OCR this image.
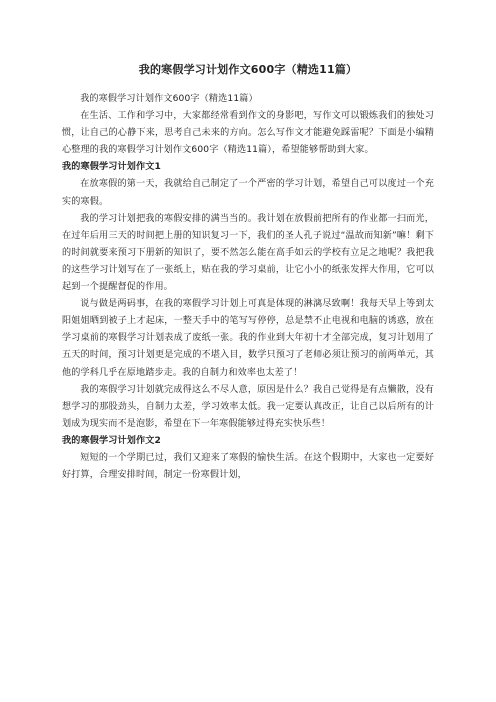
我的寒假学习计划作文600字（精选11篇）

我的寒假学习计划作文600字（精选11篇）

在生活、工作和学习中，大家都经常看到作文的身影吧，写作文可以锻炼我们的独处习惯，让自己的心静下来，思考自己未来的方向。怎么写作文才能避免踩雷呢？下面是小编精心整理的我的寒假学习计划作文600字（精选11篇），希望能够帮助到大家。

我的寒假学习计划作文1

在放寒假的第一天，我就给自己制定了一个严密的学习计划，希望自己可以度过一个充实的寒假。

我的学习计划把我的寒假安排的满当当的。我计划在放假前把所有的作业都一扫而光，在过年后用三天的时间把上册的知识复习一下，我们的圣人孔子说过“温故而知新”嘛！剩下的时间就要来预习下册新的知识了，要不然怎么能在高手如云的学校有立足之地呢？我把我的这些学习计划写在了一张纸上，贴在我的学习桌前，让它小小的纸张发挥大作用，它可以起到一个提醒督促的作用。

说与做是两码事，在我的寒假学习计划上可真是体现的淋漓尽致啊！我每天早上等到太阳姐姐晒到被子上才起床，一整天手中的笔写写停停，总是禁不止电视和电脑的诱惑，放在学习桌前的寒假学习计划表成了废纸一张。我的作业到大年初十才全部完成，复习计划用了五天的时间，预习计划更是完成的不堪入目，数学只预习了老师必须让预习的前两单元，其他的学科几乎在原地踏步走。我的自制力和效率也太差了！

我的寒假学习计划就完成得这么不尽人意，原因是什么？我自己觉得是有点懒散，没有想学习的那股劲头，自制力太差，学习效率太低。我一定要认真改正，让自己以后所有的计划成为现实而不是泡影，希望在下一年寒假能够过得充实快乐些！

我的寒假学习计划作文2

短短的一个学期已过，我们又迎来了寒假的愉快生活。在这个假期中，大家也一定要好好打算，合理安排时间，制定一份寒假计划，
